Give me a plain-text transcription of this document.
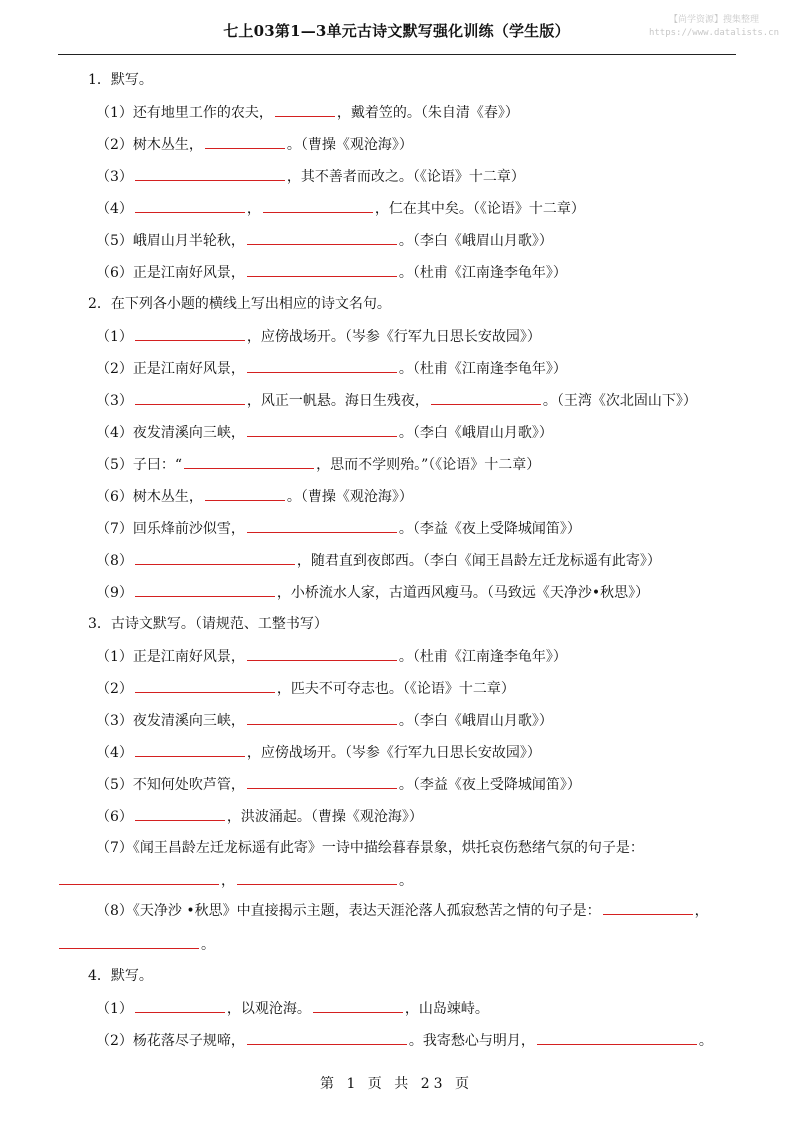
七上03第1—3单元古诗文默写强化训练（学生版）
【尚学资源】搜集整理
https://www.datalists.cn
1．默写。
（1）还有地里工作的农夫，	，戴着笠的。（朱自清《春》）
（2）树木丛生，	。（曹操《观沧海》）
（3）	，其不善者而改之。（《论语》十二章）
（4）	，	，仁在其中矣。（《论语》十二章）
（5）峨眉山月半轮秋，	。（李白《峨眉山月歌》）
（6）正是江南好风景，	。（杜甫《江南逢李龟年》）
2．在下列各小题的横线上写出相应的诗文名句。
（1）	，应傍战场开。（岑参《行军九日思长安故园》）
（2）正是江南好风景，	。（杜甫《江南逢李龟年》）
（3）	，风正一帆悬。海日生残夜，	。（王湾《次北固山下》）
（4）夜发清溪向三峡，	。（李白《峨眉山月歌》）
（5）子曰：“	，思而不学则殆。”（《论语》十二章）
（6）树木丛生，	。（曹操《观沧海》）
（7）回乐烽前沙似雪，	。（李益《夜上受降城闻笛》）
（8）	，随君直到夜郎西。（李白《闻王昌龄左迁龙标遥有此寄》）
（9）	，小桥流水人家，古道西风瘦马。（马致远《天净沙•秋思》）
3．古诗文默写。（请规范、工整书写）
（1）正是江南好风景，	。（杜甫《江南逢李龟年》）
（2）	，匹夫不可夺志也。（《论语》十二章）
（3）夜发清溪向三峡，	。（李白《峨眉山月歌》）
（4）	，应傍战场开。（岑参《行军九日思长安故园》）
（5）不知何处吹芦管，	。（李益《夜上受降城闻笛》）
（6）	，洪波涌起。（曹操《观沧海》）
（7）《闻王昌龄左迁龙标遥有此寄》一诗中描绘暮春景象，烘托哀伤愁绪气氛的句子是：
，	。
（8）《天净沙 •秋思》中直接揭示主题，表达天涯沦落人孤寂愁苦之情的句子是：	，
。
4．默写。
（1）	，以观沧海。	，山岛竦峙。
（2）杨花落尽子规啼，	。我寄愁心与明月，	。
第 1 页 共 23 页
